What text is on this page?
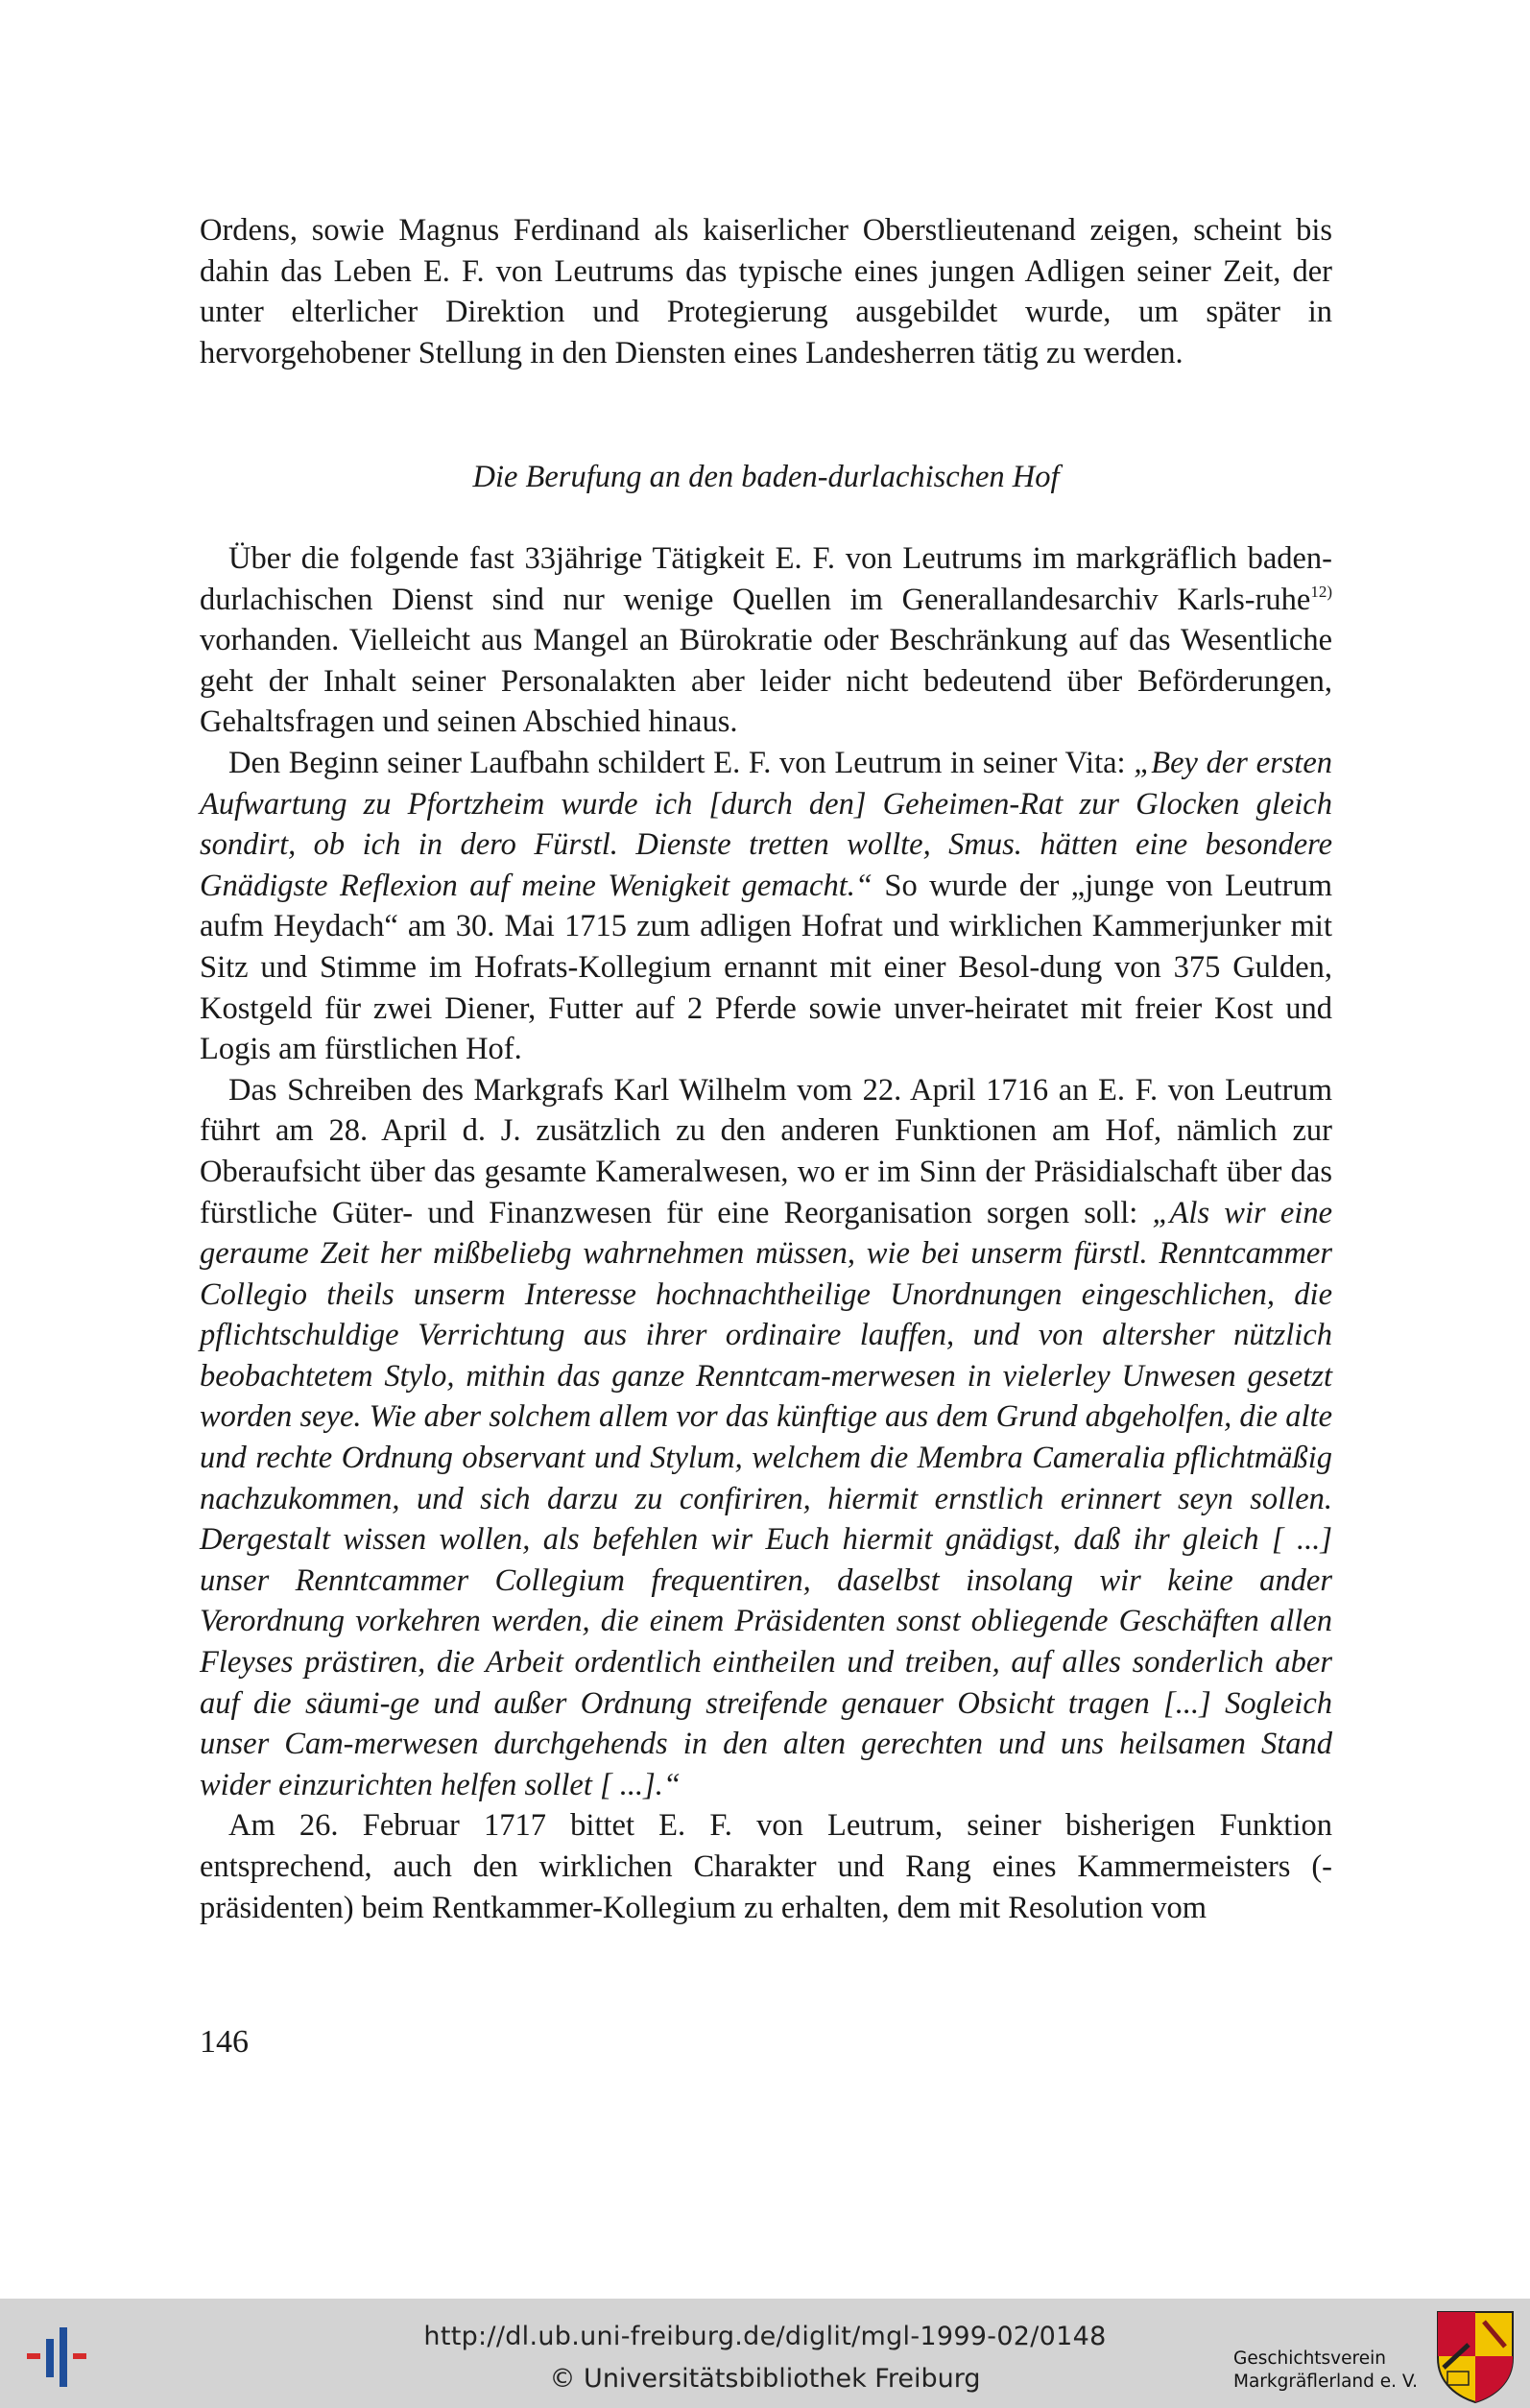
Ordens, sowie Magnus Ferdinand als kaiserlicher Oberstlieutenand zeigen, scheint bis dahin das Leben E. F. von Leutrums das typische eines jungen Adligen seiner Zeit, der unter elterlicher Direktion und Protegierung ausgebildet wurde, um später in hervorgehobener Stellung in den Diensten eines Landesherren tätig zu werden.

Die Berufung an den baden-durlachischen Hof

Über die folgende fast 33jährige Tätigkeit E. F. von Leutrums im markgräflich baden-durlachischen Dienst sind nur wenige Quellen im Generallandesarchiv Karls-ruhe$^{12)}$ vorhanden. Vielleicht aus Mangel an Bürokratie oder Beschränkung auf das Wesentliche geht der Inhalt seiner Personalakten aber leider nicht bedeutend über Beförderungen, Gehaltsfragen und seinen Abschied hinaus.

Den Beginn seiner Laufbahn schildert E. F. von Leutrum in seiner Vita: „Bey der ersten Aufwartung zu Pfortzheim wurde ich [durch den] Geheimen-Rat zur Glocken gleich sondirt, ob ich in dero Fürstl. Dienste tretten wollte, Smus. hätten eine besondere Gnädigste Reflexion auf meine Wenigkeit gemacht.“ So wurde der „junge von Leutrum aufm Heydach“ am 30. Mai 1715 zum adligen Hofrat und wirklichen Kammerjunker mit Sitz und Stimme im Hofrats-Kollegium ernannt mit einer Besol-dung von 375 Gulden, Kostgeld für zwei Diener, Futter auf 2 Pferde sowie unver-heiratet mit freier Kost und Logis am fürstlichen Hof.

Das Schreiben des Markgrafs Karl Wilhelm vom 22. April 1716 an E. F. von Leutrum führt am 28. April d. J. zusätzlich zu den anderen Funktionen am Hof, nämlich zur Oberaufsicht über das gesamte Kameralwesen, wo er im Sinn der Präsidialschaft über das fürstliche Güter- und Finanzwesen für eine Reorganisation sorgen soll: „Als wir eine geraume Zeit her mißbeliebg wahrnehmen müssen, wie bei unserm fürstl. Renntcammer Collegio theils unserm Interesse hochnachtheilige Unordnungen eingeschlichen, die pflichtschuldige Verrichtung aus ihrer ordinaire lauffen, und von altersher nützlich beobachtetem Stylo, mithin das ganze Renntcam-merwesen in vielerley Unwesen gesetzt worden seye. Wie aber solchem allem vor das künftige aus dem Grund abgeholfen, die alte und rechte Ordnung observant und Stylum, welchem die Membra Cameralia pflichtmäßig nachzukommen, und sich darzu zu confiriren, hiermit ernstlich erinnert seyn sollen. Dergestalt wissen wollen, als befehlen wir Euch hiermit gnädigst, daß ihr gleich [ ...] unser Renntcammer Collegium frequentiren, daselbst insolang wir keine ander Verordnung vorkehren werden, die einem Präsidenten sonst obliegende Geschäften allen Fleyses prästiren, die Arbeit ordentlich eintheilen und treiben, auf alles sonderlich aber auf die säumi-ge und außer Ordnung streifende genauer Obsicht tragen [...] Sogleich unser Cam-merwesen durchgehends in den alten gerechten und uns heilsamen Stand wider einzurichten helfen sollet [ ...].“

Am 26. Februar 1717 bittet E. F. von Leutrum, seiner bisherigen Funktion entsprechend, auch den wirklichen Charakter und Rang eines Kammermeisters (-präsidenten) beim Rentkammer-Kollegium zu erhalten, dem mit Resolution vom

146
http://dl.ub.uni-freiburg.de/diglit/mgl-1999-02/0148
© Universitätsbibliothek Freiburg
Geschichtsverein
Markgräflerland e. V.
